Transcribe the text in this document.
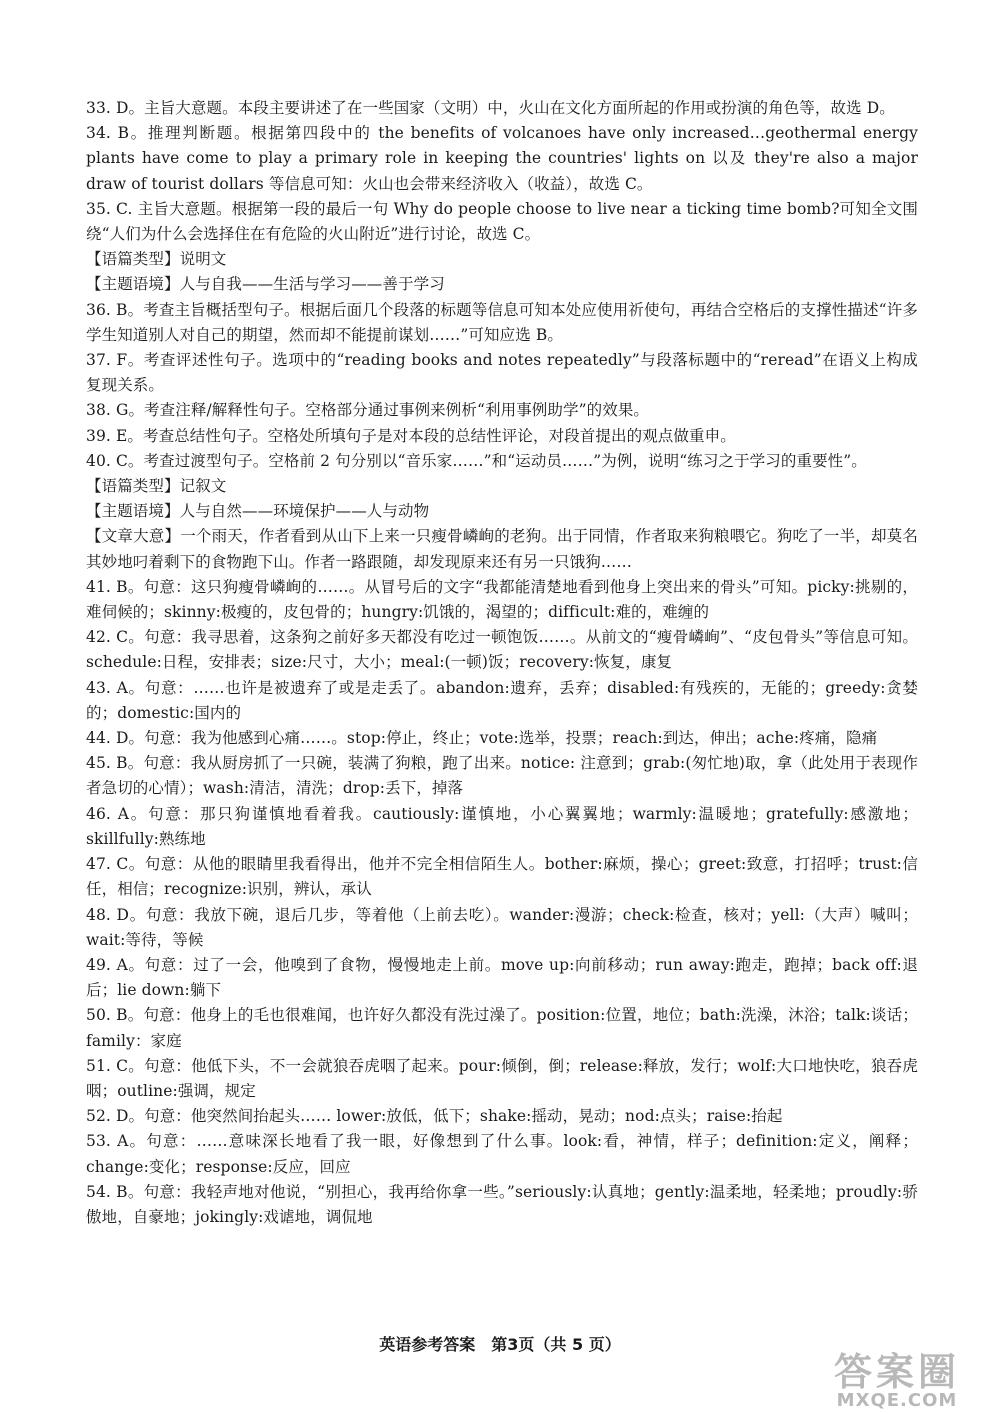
33. D。主旨大意题。本段主要讲述了在一些国家（文明）中，火山在文化方面所起的作用或扮演的角色等，故选 D。

34. B。推理判断题。根据第四段中的 the benefits of volcanoes have only increased…geothermal energy plants have come to play a primary role in keeping the countries' lights on 以及 they're also a major draw of tourist dollars 等信息可知：火山也会带来经济收入（收益），故选 C。

35. C. 主旨大意题。根据第一段的最后一句 Why do people choose to live near a ticking time bomb?可知全文围绕“人们为什么会选择住在有危险的火山附近”进行讨论，故选 C。

【语篇类型】说明文

【主题语境】人与自我——生活与学习——善于学习

36. B。考查主旨概括型句子。根据后面几个段落的标题等信息可知本处应使用祈使句，再结合空格后的支撑性描述“许多学生知道别人对自己的期望，然而却不能提前谋划……”可知应选 B。

37. F。考查评述性句子。选项中的“reading books and notes repeatedly”与段落标题中的“reread”在语义上构成复现关系。

38. G。考查注释/解释性句子。空格部分通过事例来例析“利用事例助学”的效果。

39. E。考查总结性句子。空格处所填句子是对本段的总结性评论，对段首提出的观点做重申。

40. C。考查过渡型句子。空格前 2 句分别以“音乐家……”和“运动员……”为例，说明“练习之于学习的重要性”。

【语篇类型】记叙文

【主题语境】人与自然——环境保护——人与动物

【文章大意】一个雨天，作者看到从山下上来一只瘦骨嶙峋的老狗。出于同情，作者取来狗粮喂它。狗吃了一半，却莫名其妙地叼着剩下的食物跑下山。作者一路跟随，却发现原来还有另一只饿狗……

41. B。句意：这只狗瘦骨嶙峋的……。从冒号后的文字“我都能清楚地看到他身上突出来的骨头”可知。picky:挑剔的，难伺候的；skinny:极瘦的，皮包骨的；hungry:饥饿的，渴望的；difficult:难的，难缠的

42. C。句意：我寻思着，这条狗之前好多天都没有吃过一顿饱饭……。从前文的“瘦骨嶙峋”、“皮包骨头”等信息可知。schedule:日程，安排表；size:尺寸，大小；meal:(一顿)饭；recovery:恢复，康复

43. A。句意：……也许是被遗弃了或是走丢了。abandon:遗弃，丢弃；disabled:有残疾的，无能的；greedy:贪婪的；domestic:国内的

44. D。句意：我为他感到心痛……。stop:停止，终止；vote:选举，投票；reach:到达，伸出；ache:疼痛，隐痛

45. B。句意：我从厨房抓了一只碗，装满了狗粮，跑了出来。notice: 注意到；grab:(匆忙地)取，拿（此处用于表现作者急切的心情）；wash:清洁，清洗；drop:丢下，掉落

46. A。句意：那只狗谨慎地看着我。cautiously:谨慎地，小心翼翼地；warmly:温暖地；gratefully:感激地；skillfully:熟练地

47. C。句意：从他的眼睛里我看得出，他并不完全相信陌生人。bother:麻烦，操心；greet:致意，打招呼；trust:信任，相信；recognize:识别，辨认，承认

48. D。句意：我放下碗，退后几步，等着他（上前去吃）。wander:漫游；check:检查，核对；yell:（大声）喊叫；wait:等待，等候

49. A。句意：过了一会，他嗅到了食物，慢慢地走上前。move up:向前移动；run away:跑走，跑掉；back off:退后；lie down:躺下

50. B。句意：他身上的毛也很难闻，也许好久都没有洗过澡了。position:位置，地位；bath:洗澡，沐浴；talk:谈话；family：家庭

51. C。句意：他低下头，不一会就狼吞虎咽了起来。pour:倾倒，倒；release:释放，发行；wolf:大口地快吃，狼吞虎咽；outline:强调，规定

52. D。句意：他突然间抬起头…… lower:放低，低下；shake:摇动，晃动；nod:点头；raise:抬起

53. A。句意：……意味深长地看了我一眼，好像想到了什么事。look:看，神情，样子；definition:定义，阐释；change:变化；response:反应，回应

54. B。句意：我轻声地对他说，“别担心，我再给你拿一些。”seriously:认真地；gently:温柔地，轻柔地；proudly:骄傲地，自豪地；jokingly:戏谑地，调侃地

英语参考答案　第3页（共 5 页）
答案圈
MXQE.COM
